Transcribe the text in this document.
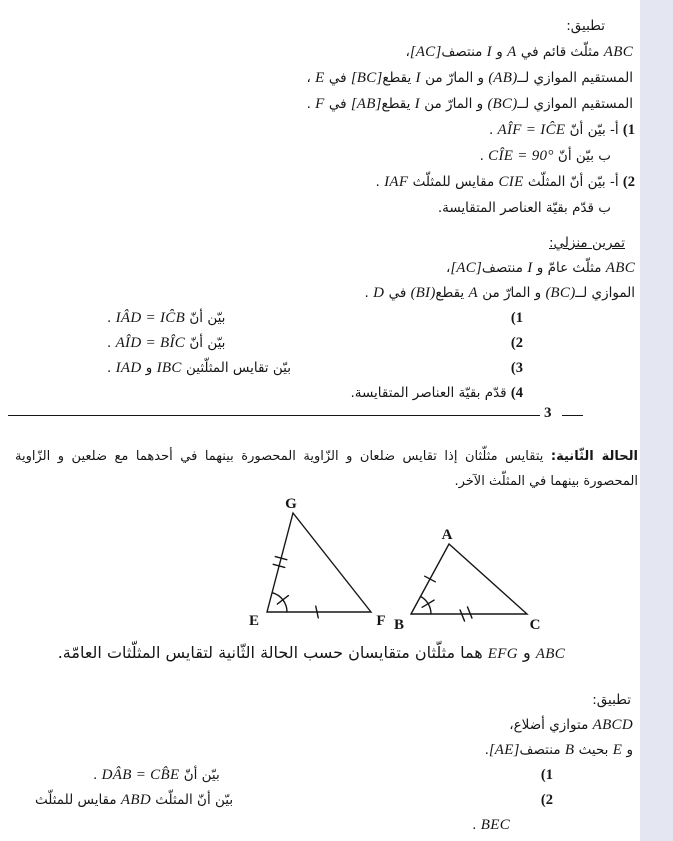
تطبيق:
ABC مثلّث قائم في A و I منتصف[AC]،
المستقيم الموازي لــ(AB) و المارّ من I يقطع[BC] في E ،
المستقيم الموازي لــ(BC) و المارّ من I يقطع[AB] في F .
1) أ- بيّن أنّ AÎF = IĈE .
ب بيّن أنّ CÎE = 90° .
2) أ- بيّن أنّ المثلّث CIE مقايس للمثلّث IAF .
ب قدّم بقيّة العناصر المتقايسة.
تمرين منزلي:
ABC مثلّث عامّ و I منتصف[AC]،
الموازي لــ(BC) و المارّ من A يقطع(BI) في D .
1)
بيّن أنّ IÂD = IĈB .
2)
بيّن أنّ AÎD = BÎC .
3)
بيّن تقايس المثلّثين IBC و IAD .
4) قدّم بقيّة العناصر المتقايسة.
3
الحالة الثّانية: يتقايس مثلّثان إذا تقايس ضلعان و الزّاوية المحصورة بينهما في أحدهما مع ضلعين و الزّاوية المحصورة بينهما في المثلّث الآخر.
G
E	F
A
B	C
ABC و EFG هما مثلّثان متقايسان حسب الحالة الثّانية لتقايس المثلّثات العامّة.
تطبيق:
ABCD متوازي أضلاع،
و E بحيث B منتصف[AE].
1)
بيّن أنّ DÂB = CB̂E .
2)
بيّن أنّ المثلّث ABD مقايس للمثلّث
BEC .
